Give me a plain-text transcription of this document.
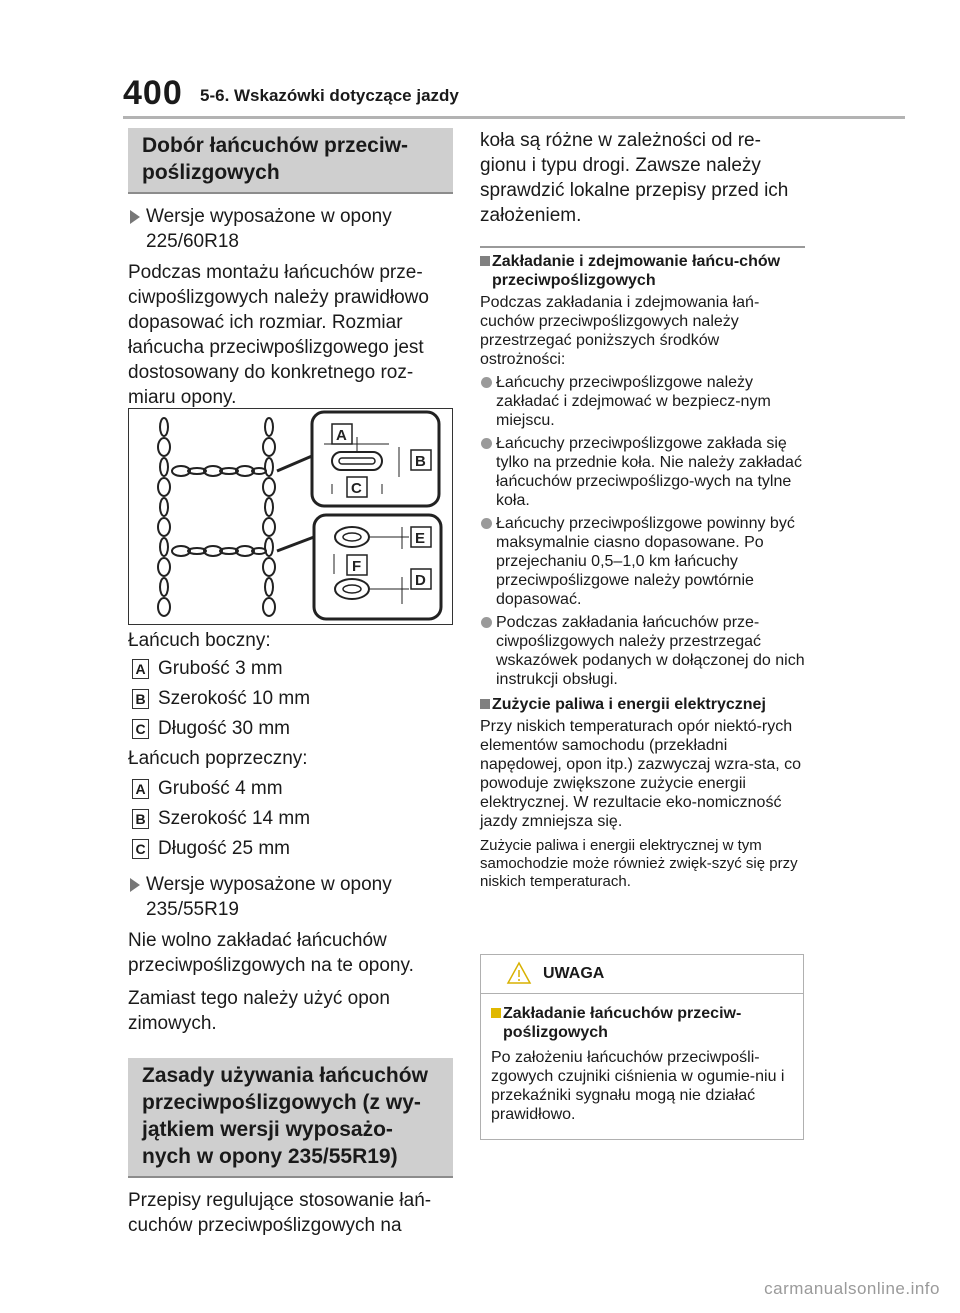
400 5-6. Wskazówki dotyczące jazdy
Dobór łańcuchów przeciw-poślizgowych

Wersje wyposażone w opony 225/60R18

Podczas montażu łańcuchów prze-ciwpoślizgowych należy prawidłowo dopasować ich rozmiar. Rozmiar łańcucha przeciwpoślizgowego jest dostosowany do konkretnego roz-miaru opony.

A
B
C
E
F
D

Łańcuch boczny:

A Grubość 3 mm
B Szerokość 10 mm
C Długość 30 mm

Łańcuch poprzeczny:

A Grubość 4 mm
B Szerokość 14 mm
C Długość 25 mm

Wersje wyposażone w opony 235/55R19

Nie wolno zakładać łańcuchów przeciwpoślizgowych na te opony.

Zamiast tego należy użyć opon zimowych.

Zasady używania łańcuchów przeciwpoślizgowych (z wy-jątkiem wersji wyposażo-nych w opony 235/55R19)

Przepisy regulujące stosowanie łań-cuchów przeciwpoślizgowych na

koła są różne w zależności od re-gionu i typu drogi. Zawsze należy sprawdzić lokalne przepisy przed ich założeniem.

Zakładanie i zdejmowanie łańcu-chów przeciwpoślizgowych

Podczas zakładania i zdejmowania łań-cuchów przeciwpoślizgowych należy przestrzegać poniższych środków ostrożności:

Łańcuchy przeciwpoślizgowe należy zakładać i zdejmować w bezpiecz-nym miejscu.
Łańcuchy przeciwpoślizgowe zakłada się tylko na przednie koła. Nie należy zakładać łańcuchów przeciwpoślizgo-wych na tylne koła.
Łańcuchy przeciwpoślizgowe powinny być maksymalnie ciasno dopasowane. Po przejechaniu 0,5–1,0 km łańcuchy przeciwpoślizgowe należy powtórnie dopasować.
Podczas zakładania łańcuchów prze-ciwpoślizgowych należy przestrzegać wskazówek podanych w dołączonej do nich instrukcji obsługi.
Zużycie paliwa i energii elektrycznej

Przy niskich temperaturach opór niektó-rych elementów samochodu (przekładni napędowej, opon itp.) zazwyczaj wzra-sta, co powoduje zwiększone zużycie energii elektrycznej. W rezultacie eko-nomiczność jazdy zmniejsza się.

Zużycie paliwa i energii elektrycznej w tym samochodzie może również zwięk-szyć się przy niskich temperaturach.

UWAGA
Zakładanie łańcuchów przeciw-poślizgowych

Po założeniu łańcuchów przeciwpośli-zgowych czujniki ciśnienia w ogumie-niu i przekaźniki sygnału mogą nie działać prawidłowo.

carmanualsonline.info
